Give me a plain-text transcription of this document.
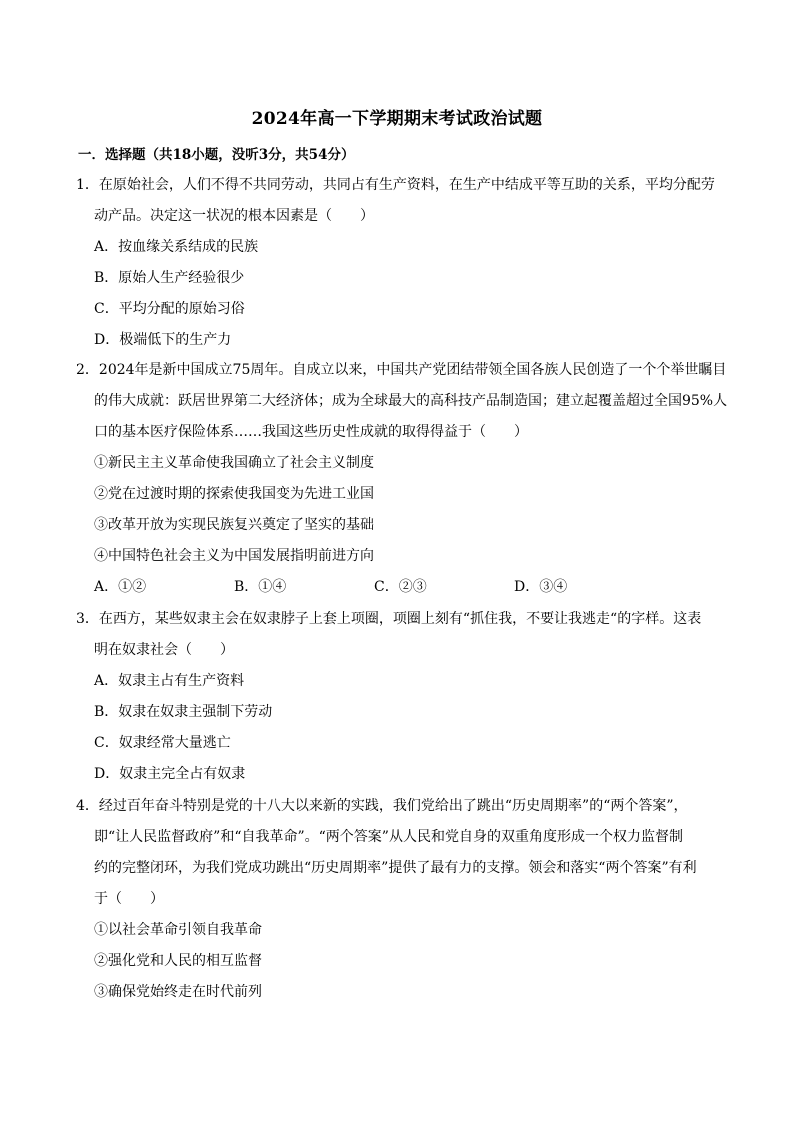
2024年高一下学期期末考试政治试题
一．选择题（共18小题，没听3分，共54分）
1．在原始社会，人们不得不共同劳动，共同占有生产资料，在生产中结成平等互助的关系，平均分配劳
动产品。决定这一状况的根本因素是（　　）
A．按血缘关系结成的民族
B．原始人生产经验很少
C．平均分配的原始习俗
D．极端低下的生产力
2．2024年是新中国成立75周年。自成立以来，中国共产党团结带领全国各族人民创造了一个个举世瞩目
的伟大成就：跃居世界第二大经济体；成为全球最大的高科技产品制造国；建立起覆盖超过全国95%人
口的基本医疗保险体系……我国这些历史性成就的取得得益于（　　）
①新民主主义革命使我国确立了社会主义制度
②党在过渡时期的探索使我国变为先进工业国
③改革开放为实现民族复兴奠定了坚实的基础
④中国特色社会主义为中国发展指明前进方向
A．①②	B．①④	C．②③	D．③④
3．在西方，某些奴隶主会在奴隶脖子上套上项圈，项圈上刻有“抓住我，不要让我逃走“的字样。这表
明在奴隶社会（　　）
A．奴隶主占有生产资料
B．奴隶在奴隶主强制下劳动
C．奴隶经常大量逃亡
D．奴隶主完全占有奴隶
4．经过百年奋斗特别是党的十八大以来新的实践，我们党给出了跳出“历史周期率”的“两个答案”，
即“让人民监督政府”和“自我革命”。“两个答案”从人民和党自身的双重角度形成一个权力监督制
约的完整闭环，为我们党成功跳出“历史周期率”提供了最有力的支撑。领会和落实“两个答案”有利
于（　　）
①以社会革命引领自我革命
②强化党和人民的相互监督
③确保党始终走在时代前列
